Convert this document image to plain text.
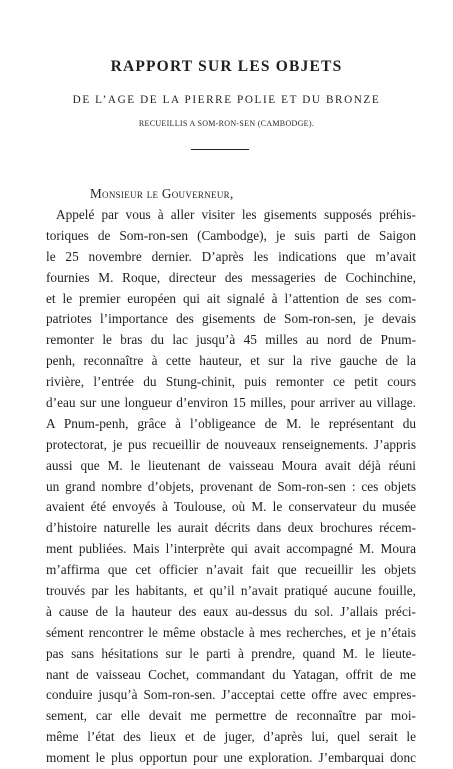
RAPPORT SUR LES OBJETS
DE L’AGE DE LA PIERRE POLIE ET DU BRONZE
RECUEILLIS A SOM-RON-SEN (CAMBODGE).
Monsieur le Gouverneur,
Appelé par vous à aller visiter les gisements supposés préhis-
toriques de Som-ron-sen (Cambodge), je suis parti de Saigon
le 25 novembre dernier. D’après les indications que m’avait
fournies M. Roque, directeur des messageries de Cochinchine,
et le premier européen qui ait signalé à l’attention de ses com-
patriotes l’importance des gisements de Som-ron-sen, je devais
remonter le bras du lac jusqu’à 45 milles au nord de Pnum-
penh, reconnaître à cette hauteur, et sur la rive gauche de la
rivière, l’entrée du Stung-chinit, puis remonter ce petit cours
d’eau sur une longueur d’environ 15 milles, pour arriver au village.
A Pnum-penh, grâce à l’obligeance de M. le représentant du
protectorat, je pus recueillir de nouveaux renseignements. J’appris
aussi que M. le lieutenant de vaisseau Moura avait déjà réuni
un grand nombre d’objets, provenant de Som-ron-sen : ces objets
avaient été envoyés à Toulouse, où M. le conservateur du musée
d’histoire naturelle les aurait décrits dans deux brochures récem-
ment publiées. Mais l’interprète qui avait accompagné M. Moura
m’affirma que cet officier n’avait fait que recueillir les objets
trouvés par les habitants, et qu’il n’avait pratiqué aucune fouille,
à cause de la hauteur des eaux au-dessus du sol. J’allais préci-
sément rencontrer le même obstacle à mes recherches, et je n’étais
pas sans hésitations sur le parti à prendre, quand M. le lieute-
nant de vaisseau Cochet, commandant du Yatagan, offrit de me
conduire jusqu’à Som-ron-sen. J’acceptai cette offre avec empres-
sement, car elle devait me permettre de reconnaître par moi-
même l’état des lieux et de juger, d’après lui, quel serait le
moment le plus opportun pour une exploration. J’embarquai donc
